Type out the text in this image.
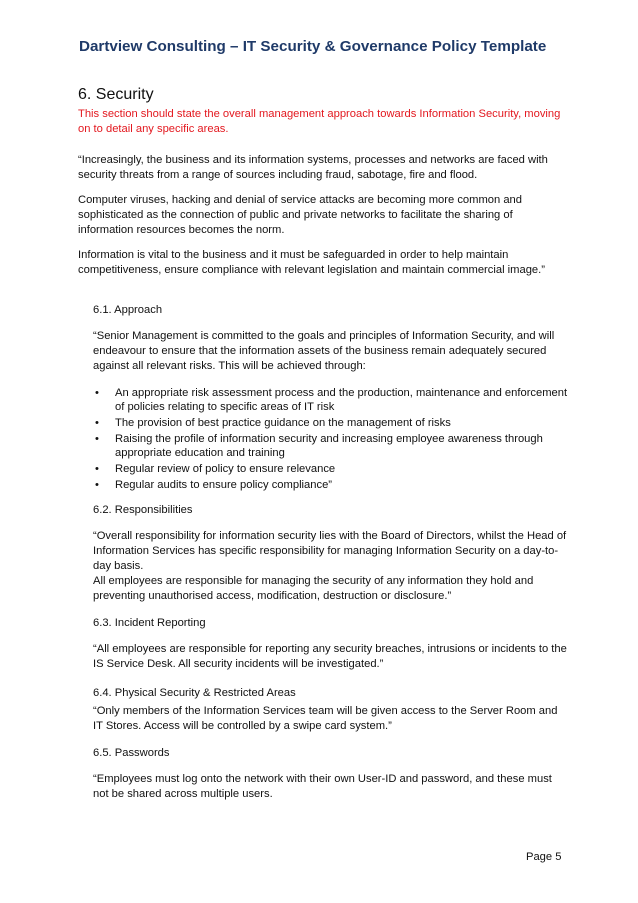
Dartview Consulting – IT Security & Governance Policy Template
6. Security
This section should state the overall management approach towards Information Security, moving on to detail any specific areas.

“Increasingly, the business and its information systems, processes and networks are faced with security threats from a range of sources including fraud, sabotage, fire and flood.

Computer viruses, hacking and denial of service attacks are becoming more common and sophisticated as the connection of public and private networks to facilitate the sharing of information resources becomes the norm.

Information is vital to the business and it must be safeguarded in order to help maintain competitiveness, ensure compliance with relevant legislation and maintain commercial image.”

6.1. Approach

“Senior Management is committed to the goals and principles of Information Security, and will endeavour to ensure that the information assets of the business remain adequately secured against all relevant risks. This will be achieved through:

• An appropriate risk assessment process and the production, maintenance and enforcement of policies relating to specific areas of IT risk
• The provision of best practice guidance on the management of risks
• Raising the profile of information security and increasing employee awareness through appropriate education and training
• Regular review of policy to ensure relevance
• Regular audits to ensure policy compliance”
6.2. Responsibilities

“Overall responsibility for information security lies with the Board of Directors, whilst the Head of Information Services has specific responsibility for managing Information Security on a day-to-day basis.

All employees are responsible for managing the security of any information they hold and preventing unauthorised access, modification, destruction or disclosure.”

6.3. Incident Reporting

“All employees are responsible for reporting any security breaches, intrusions or incidents to the IS Service Desk. All security incidents will be investigated.”

6.4. Physical Security & Restricted Areas

“Only members of the Information Services team will be given access to the Server Room and IT Stores. Access will be controlled by a swipe card system.”

6.5. Passwords

“Employees must log onto the network with their own User-ID and password, and these must not be shared across multiple users.

Page 5
